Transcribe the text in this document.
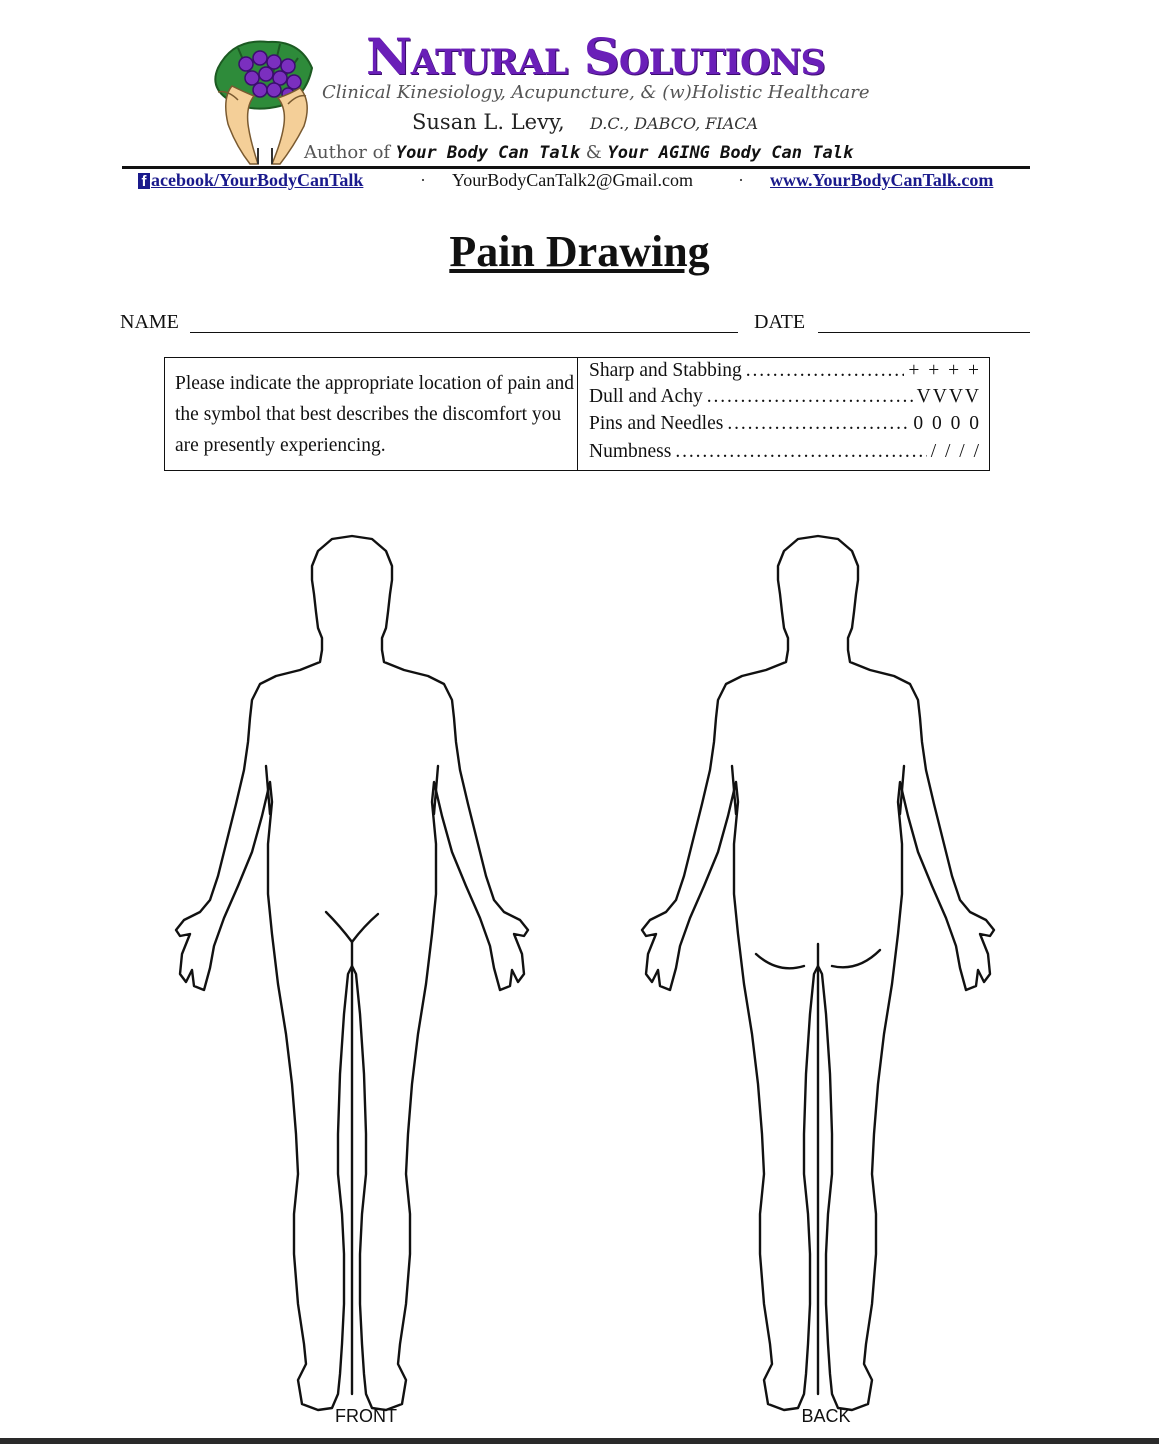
Natural Solutions
Clinical Kinesiology, Acupuncture, & (w)Holistic Healthcare
Susan L. Levy, D.C., DABCO, FIACA
Author of Your Body Can Talk & Your AGING Body Can Talk
f acebook/YourBodyCanTalk	· YourBodyCanTalk2@Gmail.com	· www.YourBodyCanTalk.com
Pain Drawing
NAME	DATE
Please indicate the appropriate location of pain and the symbol that best describes the discomfort you are presently experiencing.
Sharp and Stabbing . . .	+ + + +
Dull and Achy . . .	VVVV
Pins and Needles . . .	0 0 0 0
Numbness . . .	/ / / /
FRONT	BACK
